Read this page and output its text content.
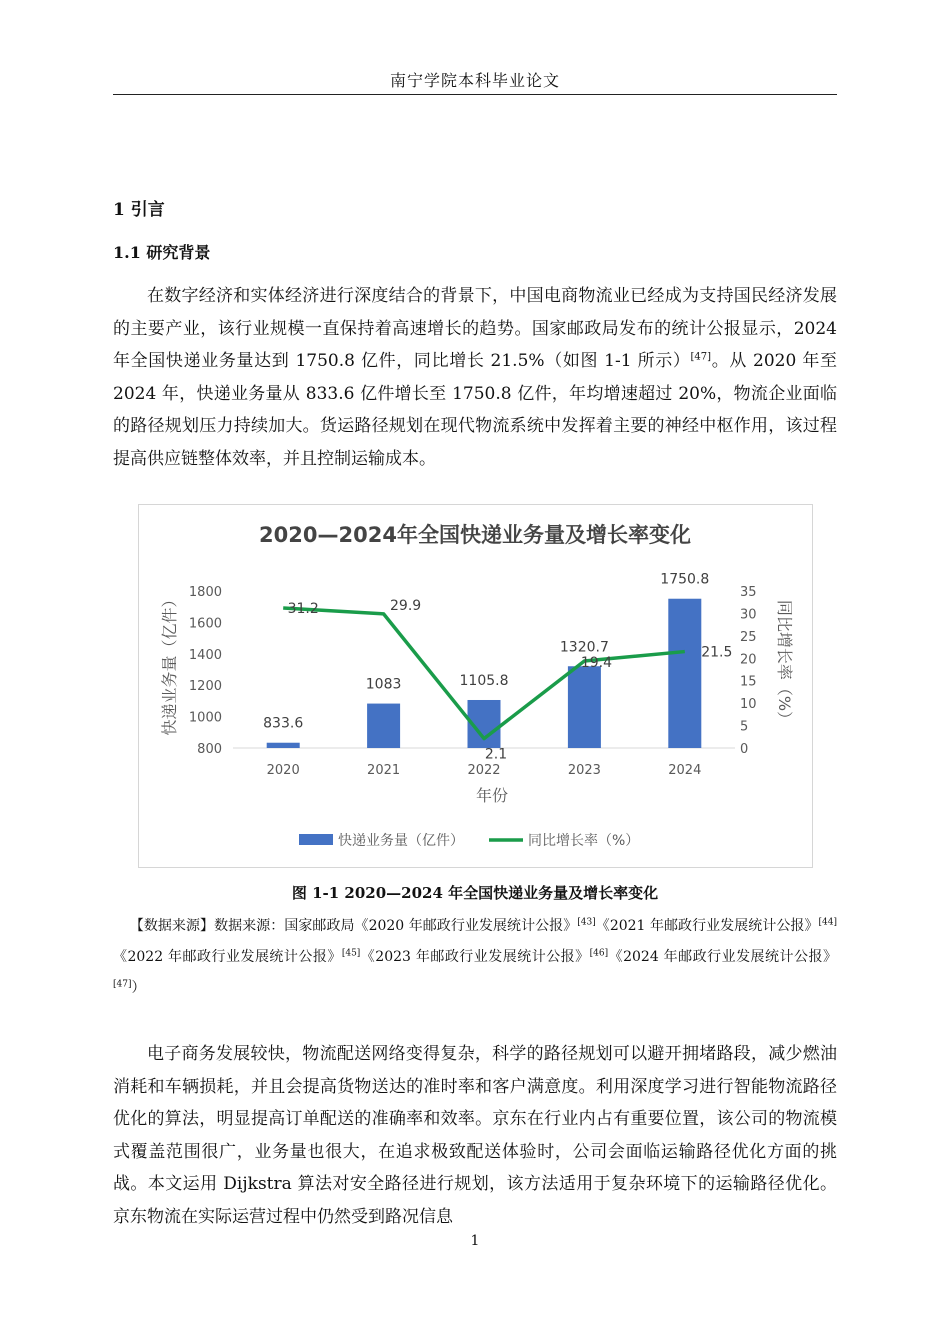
南宁学院本科毕业论文
1 引言
1.1 研究背景

在数字经济和实体经济进行深度结合的背景下，中国电商物流业已经成为支持国民经济发展的主要产业，该行业规模一直保持着高速增长的趋势。国家邮政局发布的统计公报显示，2024 年全国快递业务量达到 1750.8 亿件，同比增长 21.5%（如图 1-1 所示）[47]。从 2020 年至 2024 年，快递业务量从 833.6 亿件增长至 1750.8 亿件，年均增速超过 20%，物流企业面临的路径规划压力持续加大。货运路径规划在现代物流系统中发挥着主要的神经中枢作用，该过程提高供应链整体效率，并且控制运输成本。

2020—2024年全国快递业务量及增长率变化
800
1000
1200
1400
1600
1800
0
5
10
15
20
25
30
35
快递业务量（亿件）	同比增长率（%）
2020	2021	2022	2023	2024
年份
833.6
1083	1105.8
1320.7
1750.8
31.2	29.9
2.1
19.4
21.5
快递业务量（亿件）	同比增长率（%）
图 1-1 2020—2024 年全国快递业务量及增长率变化

【数据来源】数据来源：国家邮政局《2020 年邮政行业发展统计公报》[43]《2021 年邮政行业发展统计公报》[44]《2022 年邮政行业发展统计公报》[45]《2023 年邮政行业发展统计公报》[46]《2024 年邮政行业发展统计公报》[47]）

电子商务发展较快，物流配送网络变得复杂，科学的路径规划可以避开拥堵路段，减少燃油消耗和车辆损耗，并且会提高货物送达的准时率和客户满意度。利用深度学习进行智能物流路径优化的算法，明显提高订单配送的准确率和效率。京东在行业内占有重要位置，该公司的物流模式覆盖范围很广，业务量也很大，在追求极致配送体验时，公司会面临运输路径优化方面的挑战。本文运用 Dijkstra 算法对安全路径进行规划，该方法适用于复杂环境下的运输路径优化。京东物流在实际运营过程中仍然受到路况信息

1
